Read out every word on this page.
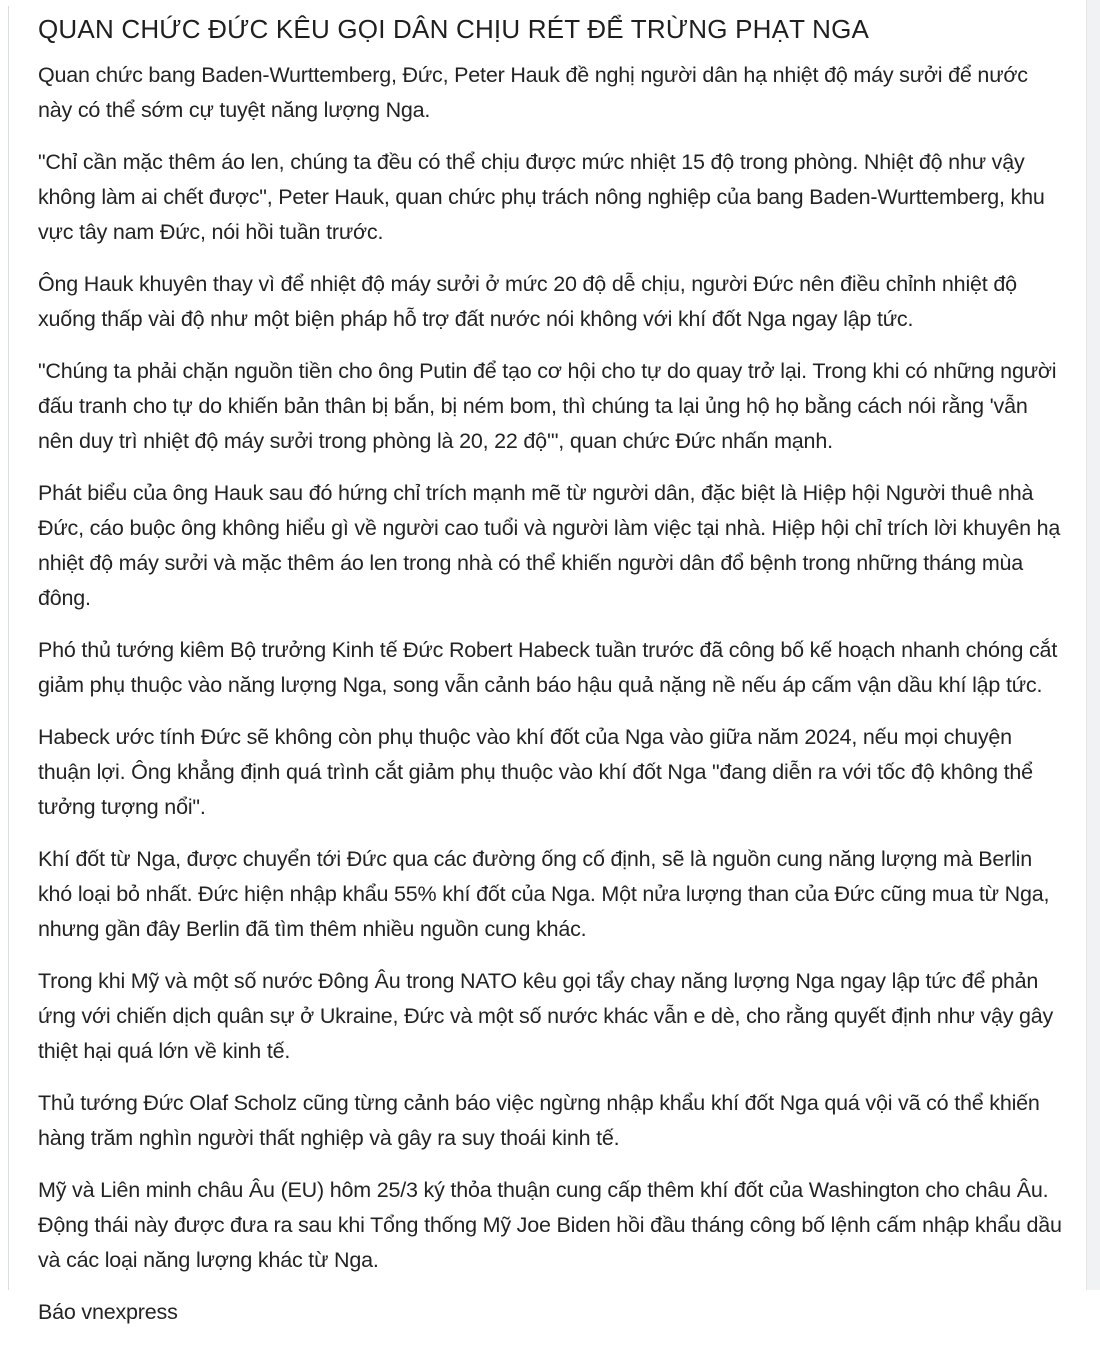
QUAN CHỨC ĐỨC KÊU GỌI DÂN CHỊU RÉT ĐỂ TRỪNG PHẠT NGA

Quan chức bang Baden-Wurttemberg, Đức, Peter Hauk đề nghị người dân hạ nhiệt độ máy sưởi để nước này có thể sớm cự tuyệt năng lượng Nga.

"Chỉ cần mặc thêm áo len, chúng ta đều có thể chịu được mức nhiệt 15 độ trong phòng. Nhiệt độ như vậy không làm ai chết được", Peter Hauk, quan chức phụ trách nông nghiệp của bang Baden-Wurttemberg, khu vực tây nam Đức, nói hồi tuần trước.

Ông Hauk khuyên thay vì để nhiệt độ máy sưởi ở mức 20 độ dễ chịu, người Đức nên điều chỉnh nhiệt độ xuống thấp vài độ như một biện pháp hỗ trợ đất nước nói không với khí đốt Nga ngay lập tức.

"Chúng ta phải chặn nguồn tiền cho ông Putin để tạo cơ hội cho tự do quay trở lại. Trong khi có những người đấu tranh cho tự do khiến bản thân bị bắn, bị ném bom, thì chúng ta lại ủng hộ họ bằng cách nói rằng 'vẫn nên duy trì nhiệt độ máy sưởi trong phòng là 20, 22 độ'", quan chức Đức nhấn mạnh.

Phát biểu của ông Hauk sau đó hứng chỉ trích mạnh mẽ từ người dân, đặc biệt là Hiệp hội Người thuê nhà Đức, cáo buộc ông không hiểu gì về người cao tuổi và người làm việc tại nhà. Hiệp hội chỉ trích lời khuyên hạ nhiệt độ máy sưởi và mặc thêm áo len trong nhà có thể khiến người dân đổ bệnh trong những tháng mùa đông.

Phó thủ tướng kiêm Bộ trưởng Kinh tế Đức Robert Habeck tuần trước đã công bố kế hoạch nhanh chóng cắt giảm phụ thuộc vào năng lượng Nga, song vẫn cảnh báo hậu quả nặng nề nếu áp cấm vận dầu khí lập tức.

Habeck ước tính Đức sẽ không còn phụ thuộc vào khí đốt của Nga vào giữa năm 2024, nếu mọi chuyện thuận lợi. Ông khẳng định quá trình cắt giảm phụ thuộc vào khí đốt Nga "đang diễn ra với tốc độ không thể tưởng tượng nổi".

Khí đốt từ Nga, được chuyển tới Đức qua các đường ống cố định, sẽ là nguồn cung năng lượng mà Berlin khó loại bỏ nhất. Đức hiện nhập khẩu 55% khí đốt của Nga. Một nửa lượng than của Đức cũng mua từ Nga, nhưng gần đây Berlin đã tìm thêm nhiều nguồn cung khác.

Trong khi Mỹ và một số nước Đông Âu trong NATO kêu gọi tẩy chay năng lượng Nga ngay lập tức để phản ứng với chiến dịch quân sự ở Ukraine, Đức và một số nước khác vẫn e dè, cho rằng quyết định như vậy gây thiệt hại quá lớn về kinh tế.

Thủ tướng Đức Olaf Scholz cũng từng cảnh báo việc ngừng nhập khẩu khí đốt Nga quá vội vã có thể khiến hàng trăm nghìn người thất nghiệp và gây ra suy thoái kinh tế.

Mỹ và Liên minh châu Âu (EU) hôm 25/3 ký thỏa thuận cung cấp thêm khí đốt của Washington cho châu Âu. Động thái này được đưa ra sau khi Tổng thống Mỹ Joe Biden hồi đầu tháng công bố lệnh cấm nhập khẩu dầu và các loại năng lượng khác từ Nga.

Báo vnexpress
